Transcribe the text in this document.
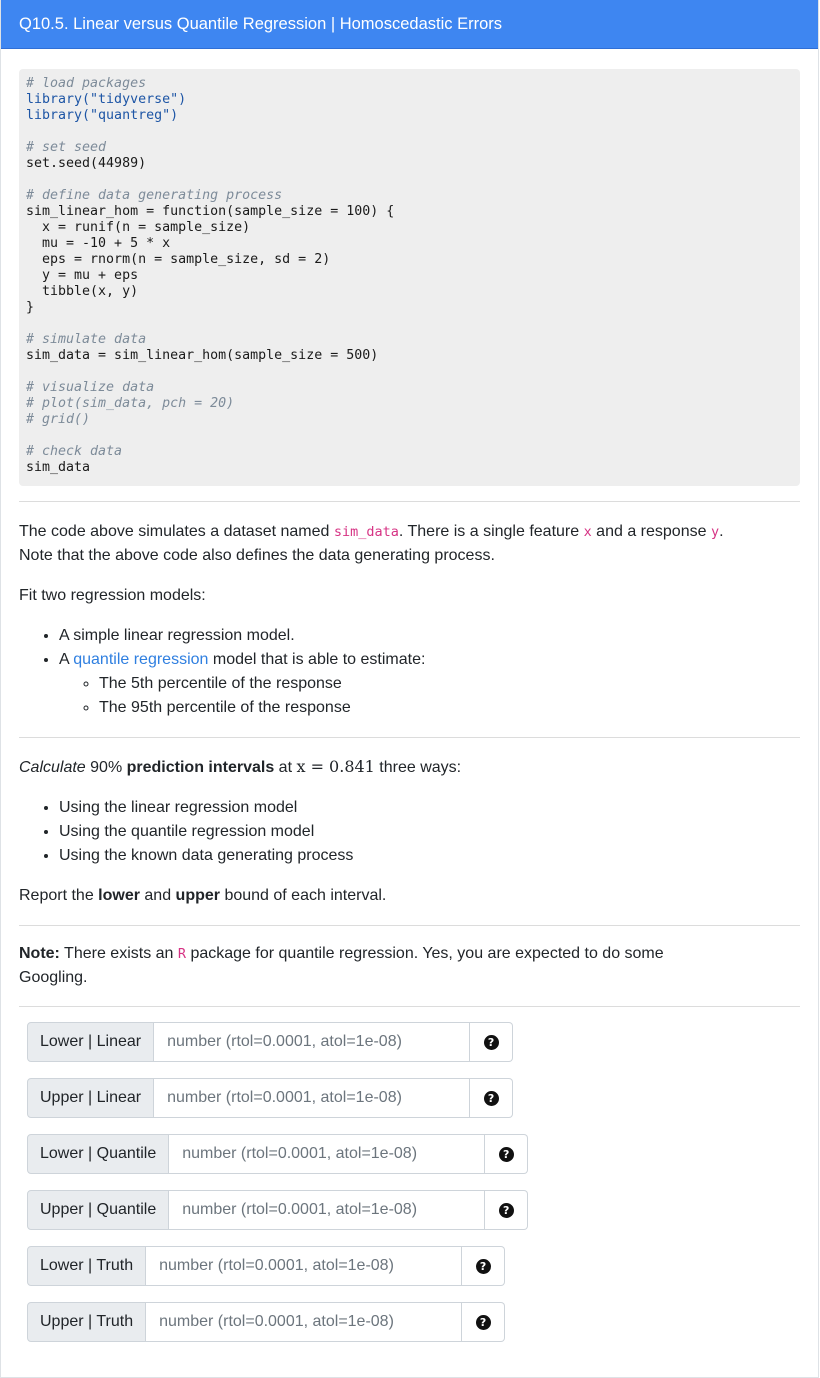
Q10.5. Linear versus Quantile Regression | Homoscedastic Errors
# load packages
library("tidyverse")
library("quantreg")

# set seed
set.seed(44989)

# define data generating process
sim_linear_hom = function(sample_size = 100) {
x = runif(n = sample_size)
mu = -10 + 5 * x
eps = rnorm(n = sample_size, sd = 2)
y = mu + eps
tibble(x, y)
}

# simulate data
sim_data = sim_linear_hom(sample_size = 500)

# visualize data
# plot(sim_data, pch = 20)
# grid()

# check data
sim_data

The code above simulates a dataset named sim_data. There is a single feature x and a response y.
Note that the above code also defines the data generating process.

Fit two regression models:

• A simple linear regression model.
• A quantile regression model that is able to estimate:
◦ The 5th percentile of the response
◦ The 95th percentile of the response

Calculate 90% prediction intervals at x = 0.841 three ways:

• Using the linear regression model
• Using the quantile regression model
• Using the known data generating process

Report the lower and upper bound of each interval.

Note: There exists an R package for quantile regression. Yes, you are expected to do some
Googling.

Lower | Linear
number (rtol=0.0001, atol=1e-08)	?
Upper | Linear
number (rtol=0.0001, atol=1e-08)	?
Lower | Quantile
number (rtol=0.0001, atol=1e-08)	?
Upper | Quantile
number (rtol=0.0001, atol=1e-08)	?
Lower | Truth
number (rtol=0.0001, atol=1e-08)	?
Upper | Truth
number (rtol=0.0001, atol=1e-08)	?
